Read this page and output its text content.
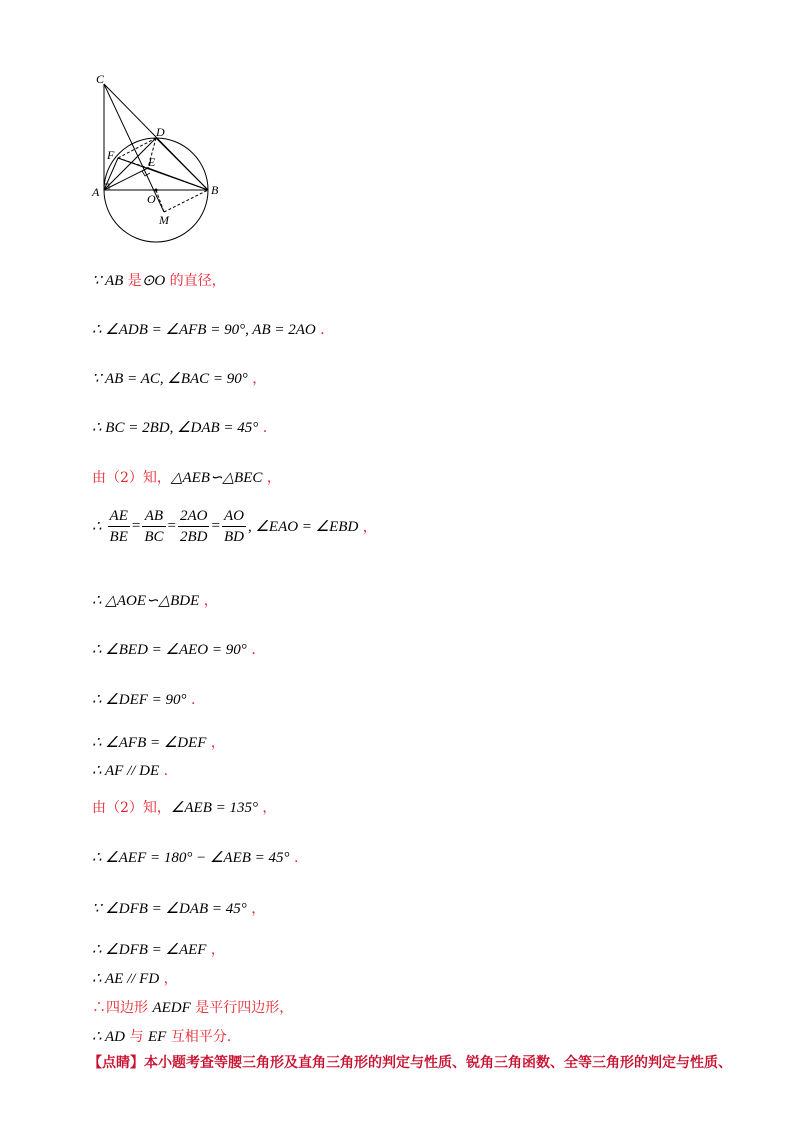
C
D
F	E
A	O
B
M
∵ AB 是⊙O 的直径，
∴ ∠ADB = ∠AFB = 90°, AB = 2AO .
∵ AB = AC, ∠BAC = 90° ，
∴ BC = 2BD, ∠DAB = 45° .
由（2）知，△AEB∽△BEC ，
∴ $\frac{AE}{BE} = \frac{AB}{BC} = \frac{2AO}{2BD} = \frac{AO}{BD}$ , ∠EAO = ∠EBD ，
∴ △AOE∽△BDE ，
∴ ∠BED = ∠AEO = 90° .
∴ ∠DEF = 90° .
∴ ∠AFB = ∠DEF ，
∴ AF // DE .
由（2）知，∠AEB = 135° ，
∴ ∠AEF = 180° − ∠AEB = 45° .
∵ ∠DFB = ∠DAB = 45° ，
∴ ∠DFB = ∠AEF ，
∴ AE // FD ，
∴四边形 AEDF 是平行四边形，
∴ AD 与 EF 互相平分.
【点睛】本小题考查等腰三角形及直角三角形的判定与性质、锐角三角函数、全等三角形的判定与性质、
